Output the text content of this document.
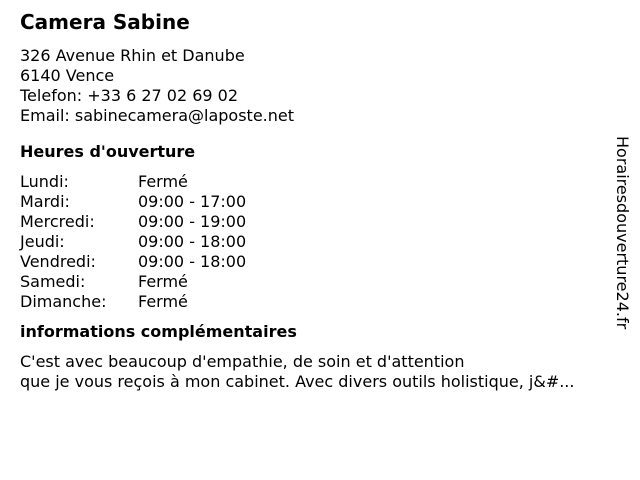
Camera Sabine
326 Avenue Rhin et Danube
6140 Vence
Telefon: +33 6 27 02 69 02
Email: sabinecamera@laposte.net
Heures d'ouverture
Lundi:	Fermé
Mardi:	09:00 - 17:00
Mercredi:	09:00 - 19:00
Jeudi:	09:00 - 18:00
Vendredi:	09:00 - 18:00
Samedi:	Fermé
Dimanche:	Fermé
informations complémentaires
C'est avec beaucoup d'empathie, de soin et d'attention
que je vous reçois à mon cabinet. Avec divers outils holistique, j&#...
Horairesdouverture24.fr
